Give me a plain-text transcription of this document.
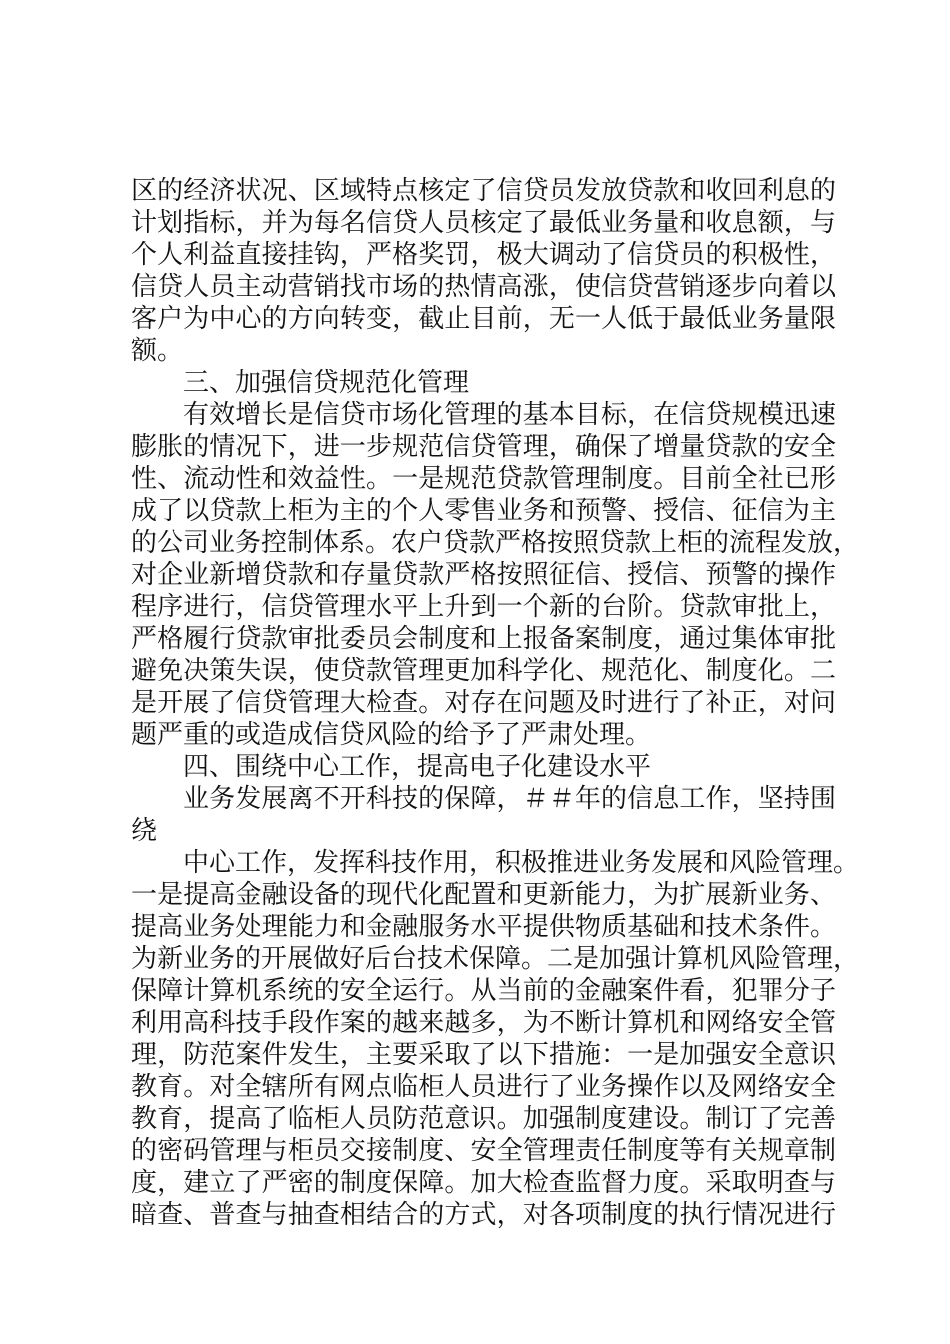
区的经济状况、区域特点核定了信贷员发放贷款和收回利息的
计划指标，并为每名信贷人员核定了最低业务量和收息额，与
个人利益直接挂钩，严格奖罚，极大调动了信贷员的积极性，
信贷人员主动营销找市场的热情高涨，使信贷营销逐步向着以
客户为中心的方向转变，截止目前，无一人低于最低业务量限
额。
三、加强信贷规范化管理
有效增长是信贷市场化管理的基本目标，在信贷规模迅速
膨胀的情况下，进一步规范信贷管理，确保了增量贷款的安全
性、流动性和效益性。一是规范贷款管理制度。目前全社已形
成了以贷款上柜为主的个人零售业务和预警、授信、征信为主
的公司业务控制体系。农户贷款严格按照贷款上柜的流程发放，
对企业新增贷款和存量贷款严格按照征信、授信、预警的操作
程序进行，信贷管理水平上升到一个新的台阶。贷款审批上，
严格履行贷款审批委员会制度和上报备案制度，通过集体审批
避免决策失误，使贷款管理更加科学化、规范化、制度化。二
是开展了信贷管理大检查。对存在问题及时进行了补正，对问
题严重的或造成信贷风险的给予了严肃处理。
四、围绕中心工作，提高电子化建设水平
业务发展离不开科技的保障，＃＃年的信息工作，坚持围
绕
中心工作，发挥科技作用，积极推进业务发展和风险管理。
一是提高金融设备的现代化配置和更新能力，为扩展新业务、
提高业务处理能力和金融服务水平提供物质基础和技术条件。
为新业务的开展做好后台技术保障。二是加强计算机风险管理，
保障计算机系统的安全运行。从当前的金融案件看，犯罪分子
利用高科技手段作案的越来越多，为不断计算机和网络安全管
理，防范案件发生，主要采取了以下措施：一是加强安全意识
教育。对全辖所有网点临柜人员进行了业务操作以及网络安全
教育，提高了临柜人员防范意识。加强制度建设。制订了完善
的密码管理与柜员交接制度、安全管理责任制度等有关规章制
度，建立了严密的制度保障。加大检查监督力度。采取明查与
暗查、普查与抽查相结合的方式，对各项制度的执行情况进行
